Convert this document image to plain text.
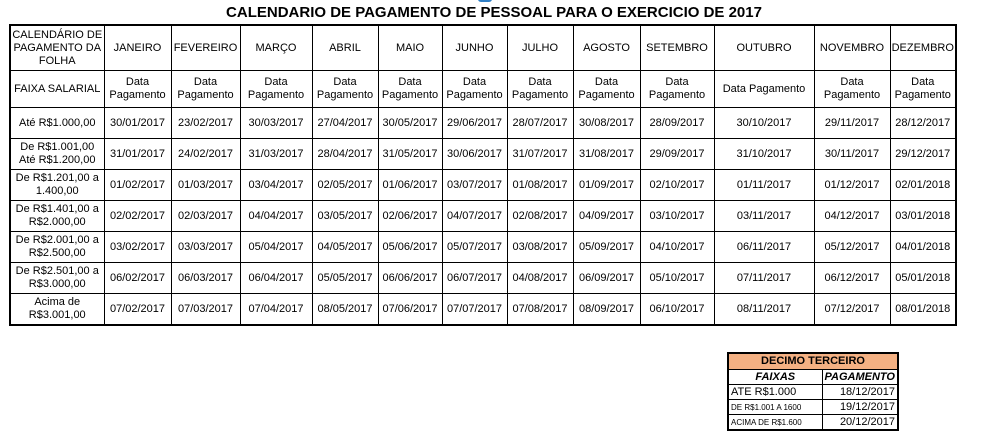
CALENDARIO DE PAGAMENTO DE PESSOAL PARA O EXERCICIO DE 2017
CALENDÁRIO DE PAGAMENTO DA FOLHA	JANEIRO	FEVEREIRO	MARÇO	ABRIL	MAIO	JUNHO	JULHO	AGOSTO	SETEMBRO	OUTUBRO	NOVEMBRO	DEZEMBRO
FAIXA SALARIAL	Data Pagamento	Data Pagamento	Data Pagamento	Data Pagamento	Data Pagamento	Data Pagamento	Data Pagamento	Data Pagamento	Data Pagamento	Data Pagamento	Data Pagamento	Data Pagamento
Até R$1.000,00	30/01/2017	23/02/2017	30/03/2017	27/04/2017	30/05/2017	29/06/2017	28/07/2017	30/08/2017	28/09/2017	30/10/2017	29/11/2017	28/12/2017
De R$1.001,00 Até R$1.200,00	31/01/2017	24/02/2017	31/03/2017	28/04/2017	31/05/2017	30/06/2017	31/07/2017	31/08/2017	29/09/2017	31/10/2017	30/11/2017	29/12/2017
De R$1.201,00 a 1.400,00	01/02/2017	01/03/2017	03/04/2017	02/05/2017	01/06/2017	03/07/2017	01/08/2017	01/09/2017	02/10/2017	01/11/2017	01/12/2017	02/01/2018
De R$1.401,00 a R$2.000,00	02/02/2017	02/03/2017	04/04/2017	03/05/2017	02/06/2017	04/07/2017	02/08/2017	04/09/2017	03/10/2017	03/11/2017	04/12/2017	03/01/2018
De R$2.001,00 a R$2.500,00	03/02/2017	03/03/2017	05/04/2017	04/05/2017	05/06/2017	05/07/2017	03/08/2017	05/09/2017	04/10/2017	06/11/2017	05/12/2017	04/01/2018
De R$2.501,00 a R$3.000,00	06/02/2017	06/03/2017	06/04/2017	05/05/2017	06/06/2017	06/07/2017	04/08/2017	06/09/2017	05/10/2017	07/11/2017	06/12/2017	05/01/2018
Acima de R$3.001,00	07/02/2017	07/03/2017	07/04/2017	08/05/2017	07/06/2017	07/07/2017	07/08/2017	08/09/2017	06/10/2017	08/11/2017	07/12/2017	08/01/2018
DECIMO TERCEIRO	
FAIXAS	PAGAMENTO
ATE R$1.000	18/12/2017
DE R$1.001 A 1600	19/12/2017
ACIMA DE R$1.600	20/12/2017
